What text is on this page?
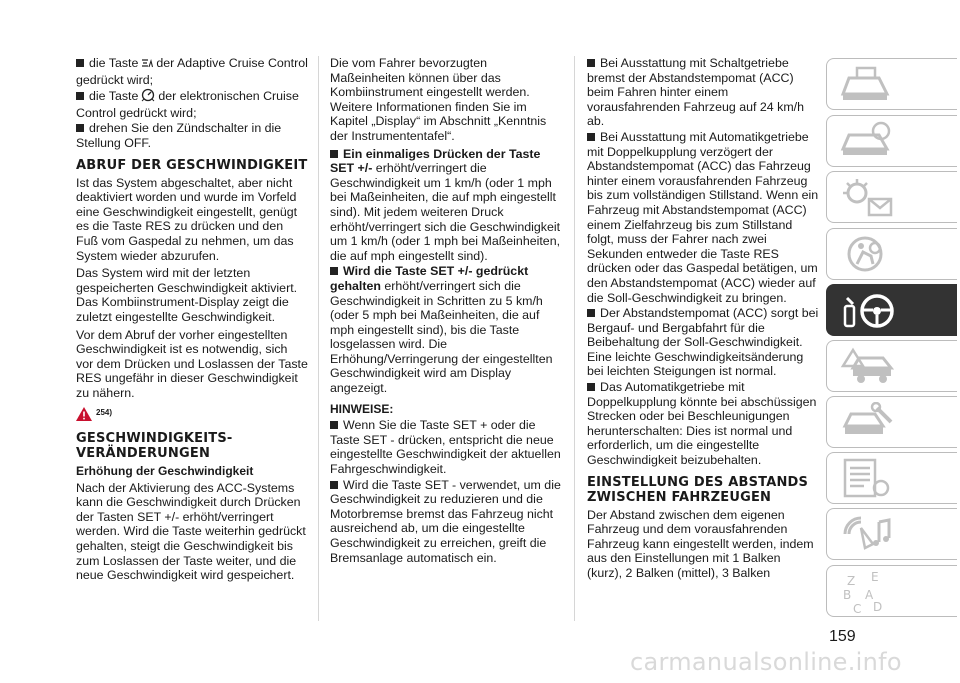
die Taste der Adaptive Cruise Control gedrückt wird;

die Taste der elektronischen Cruise Control gedrückt wird;

drehen Sie den Zündschalter in die Stellung OFF.

ABRUF DER GESCHWINDIGKEIT

Ist das System abgeschaltet, aber nicht deaktiviert worden und wurde im Vorfeld eine Geschwindigkeit eingestellt, genügt es die Taste RES zu drücken und den Fuß vom Gaspedal zu nehmen, um das System wieder abzurufen.

Das System wird mit der letzten gespeicherten Geschwindigkeit aktiviert. Das Kombiinstrument-Display zeigt die zuletzt eingestellte Geschwindigkeit.

Vor dem Abruf der vorher eingestellten Geschwindigkeit ist es notwendig, sich vor dem Drücken und Loslassen der Taste RES ungefähr in dieser Geschwindigkeit zu nähern.

254)
GESCHWINDIGKEITS-VERÄNDERUNGEN
Erhöhung der Geschwindigkeit

Nach der Aktivierung des ACC-Systems kann die Geschwindigkeit durch Drücken der Tasten SET +/- erhöht/verringert werden. Wird die Taste weiterhin gedrückt gehalten, steigt die Geschwindigkeit bis zum Loslassen der Taste weiter, und die neue Geschwindigkeit wird gespeichert.

Die vom Fahrer bevorzugten Maßeinheiten können über das Kombiinstrument eingestellt werden. Weitere Informationen finden Sie im Kapitel „Display“ im Abschnitt „Kenntnis der Instrumententafel“.

Ein einmaliges Drücken der Taste SET +/- erhöht/verringert die Geschwindigkeit um 1 km/h (oder 1 mph bei Maßeinheiten, die auf mph eingestellt sind). Mit jedem weiteren Druck erhöht/verringert sich die Geschwindigkeit um 1 km/h (oder 1 mph bei Maßeinheiten, die auf mph eingestellt sind).

Wird die Taste SET +/- gedrückt gehalten erhöht/verringert sich die Geschwindigkeit in Schritten zu 5 km/h (oder 5 mph bei Maßeinheiten, die auf mph eingestellt sind), bis die Taste losgelassen wird. Die Erhöhung/Verringerung der eingestellten Geschwindigkeit wird am Display angezeigt.

HINWEISE:

Wenn Sie die Taste SET + oder die Taste SET - drücken, entspricht die neue eingestellte Geschwindigkeit der aktuellen Fahrgeschwindigkeit.

Wird die Taste SET - verwendet, um die Geschwindigkeit zu reduzieren und die Motorbremse bremst das Fahrzeug nicht ausreichend ab, um die eingestellte Geschwindigkeit zu erreichen, greift die Bremsanlage automatisch ein.

Bei Ausstattung mit Schaltgetriebe bremst der Abstandstempomat (ACC) beim Fahren hinter einem vorausfahrenden Fahrzeug auf 24 km/h ab.

Bei Ausstattung mit Automatikgetriebe mit Doppelkupplung verzögert der Abstandstempomat (ACC) das Fahrzeug hinter einem vorausfahrenden Fahrzeug bis zum vollständigen Stillstand. Wenn ein Fahrzeug mit Abstandstempomat (ACC) einem Zielfahrzeug bis zum Stillstand folgt, muss der Fahrer nach zwei Sekunden entweder die Taste RES drücken oder das Gaspedal betätigen, um den Abstandstempomat (ACC) wieder auf die Soll-Geschwindigkeit zu bringen.

Der Abstandstempomat (ACC) sorgt bei Bergauf- und Bergabfahrt für die Beibehaltung der Soll-Geschwindigkeit. Eine leichte Geschwindigkeitsänderung bei leichten Steigungen ist normal.

Das Automatikgetriebe mit Doppelkupplung könnte bei abschüssigen Strecken oder bei Beschleunigungen herunterschalten: Dies ist normal und erforderlich, um die eingestellte Geschwindigkeit beizubehalten.

EINSTELLUNG DES ABSTANDS ZWISCHEN FAHRZEUGEN

Der Abstand zwischen dem eigenen Fahrzeug und dem vorausfahrenden Fahrzeug kann eingestellt werden, indem aus den Einstellungen mit 1 Balken (kurz), 2 Balken (mittel), 3 Balken

Z E
B A
C D
159
carmanualsonline.info
